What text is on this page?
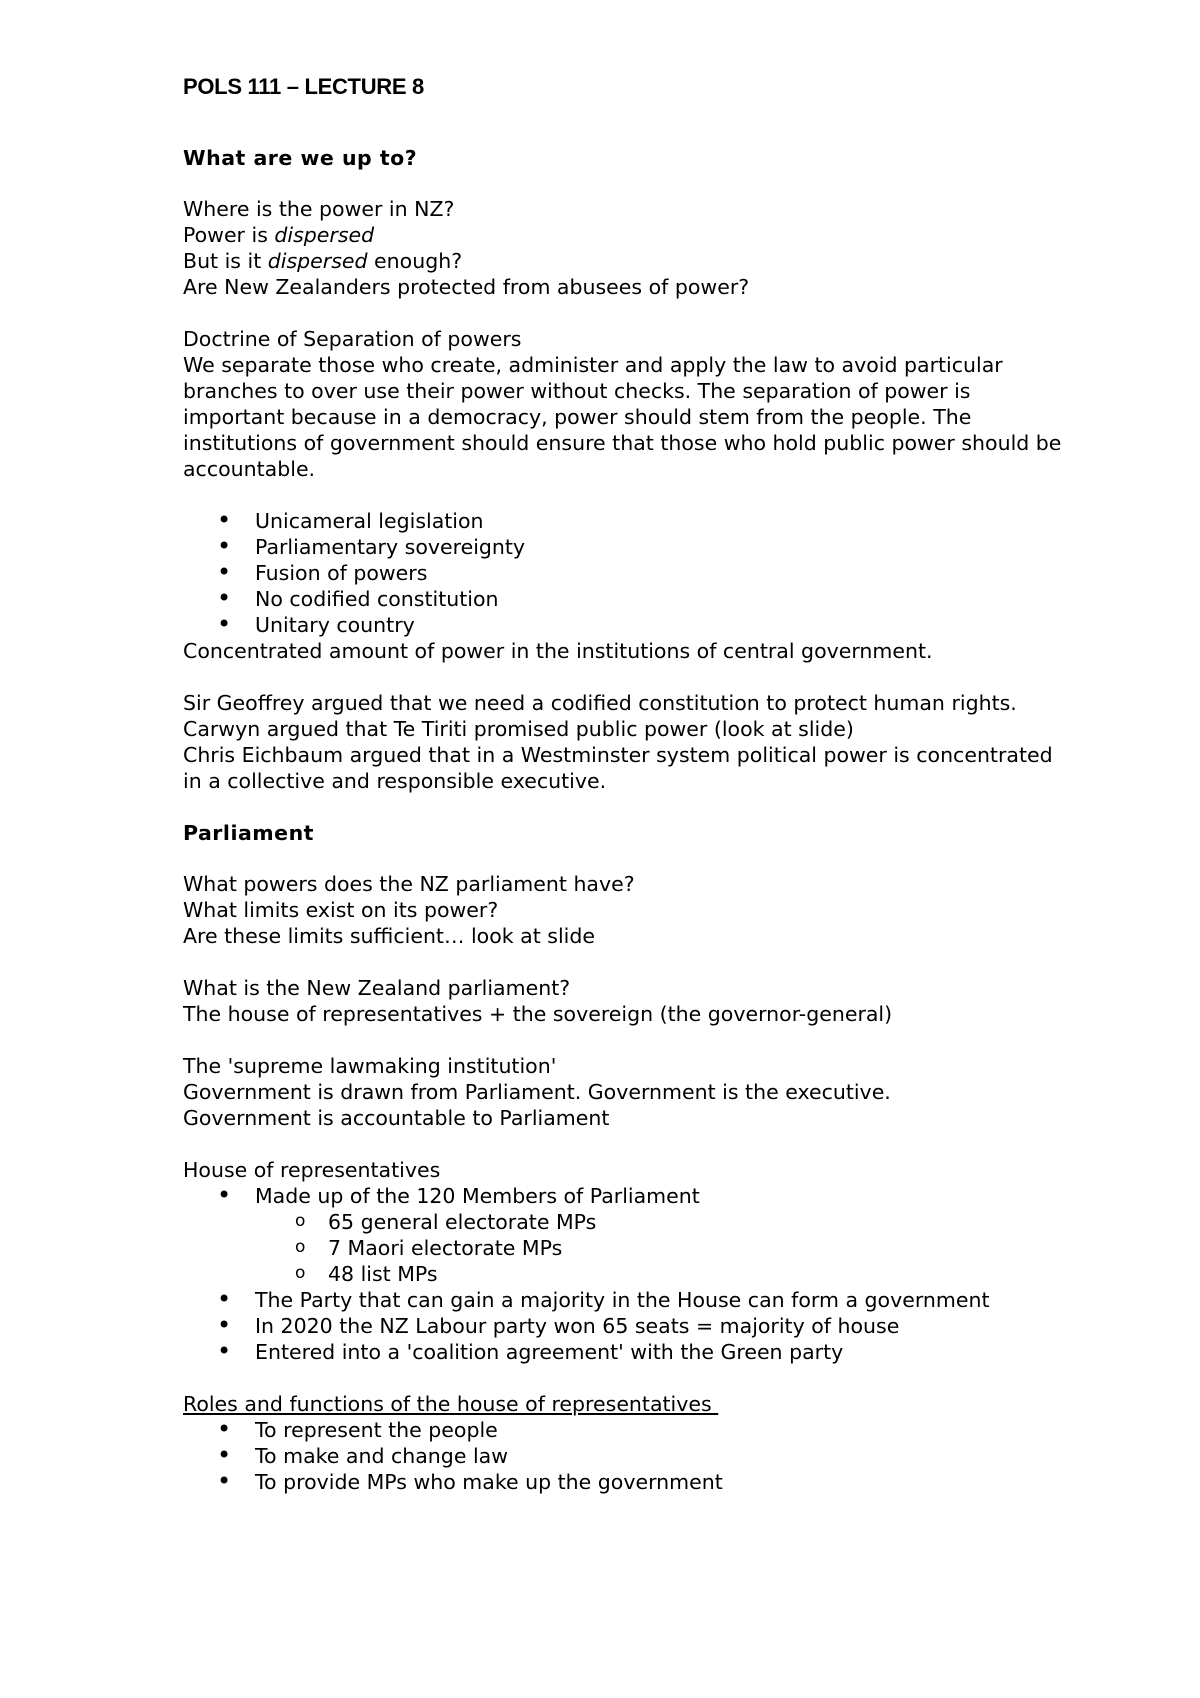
POLS 111 – LECTURE 8
What are we up to?
Where is the power in NZ?
Power is dispersed
But is it dispersed enough?
Are New Zealanders protected from abusees of power?
Doctrine of Separation of powers
We separate those who create, administer and apply the law to avoid particular branches to over use their power without checks. The separation of power is important because in a democracy, power should stem from the people. The institutions of government should ensure that those who hold public power should be accountable.
• Unicameral legislation
• Parliamentary sovereignty
• Fusion of powers
• No codified constitution
• Unitary country
Concentrated amount of power in the institutions of central government.
Sir Geoffrey argued that we need a codified constitution to protect human rights.
Carwyn argued that Te Tiriti promised public power (look at slide)
Chris Eichbaum argued that in a Westminster system political power is concentrated in a collective and responsible executive.
Parliament
What powers does the NZ parliament have?
What limits exist on its power?
Are these limits sufficient… look at slide
What is the New Zealand parliament?
The house of representatives + the sovereign (the governor-general)
The 'supreme lawmaking institution'
Government is drawn from Parliament. Government is the executive.
Government is accountable to Parliament
House of representatives
• Made up of the 120 Members of Parliament
o 65 general electorate MPs
o 7 Maori electorate MPs
o 48 list MPs
• The Party that can gain a majority in the House can form a government
• In 2020 the NZ Labour party won 65 seats = majority of house
• Entered into a 'coalition agreement' with the Green party
Roles and functions of the house of representatives
• To represent the people
• To make and change law
• To provide MPs who make up the government
